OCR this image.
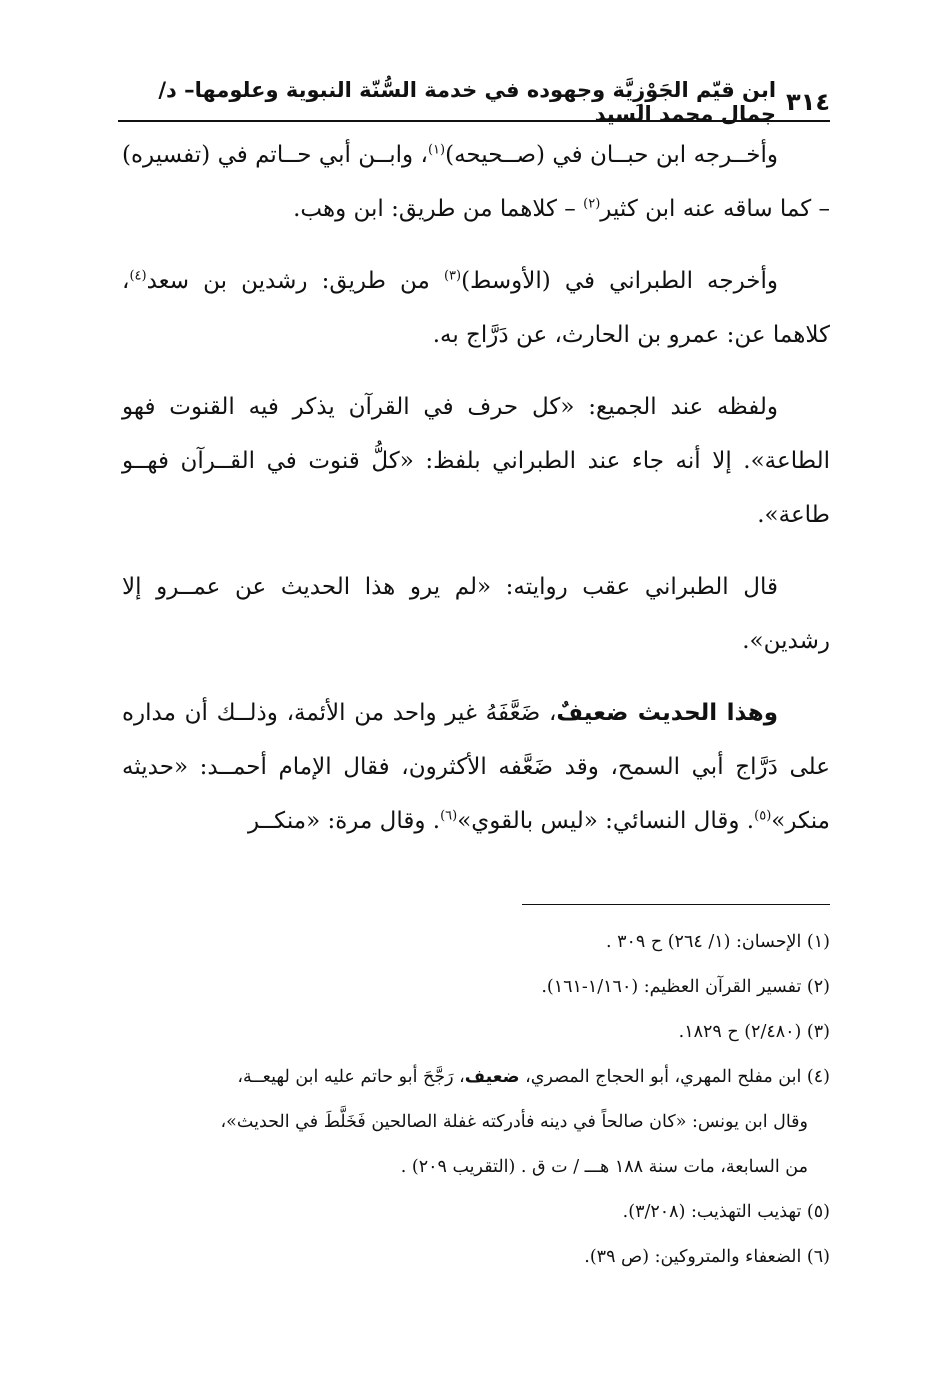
٣١٤
ابن قيّم الجَوْزِيَّة وجهوده في خدمة السُّنّة النبوية وعلومها– د/جمال محمد السيد

وأخــرجه ابن حبــان في (صــحيحه)$^{(١)}$، وابــن أبي حــاتم في (تفسيره) – كما ساقه عنه ابن كثير$^{(٢)}$ – كلاهما من طريق: ابن وهب.

وأخرجه الطبراني في (الأوسط)$^{(٣)}$ من طريق: رشدين بن سعد$^{(٤)}$، كلاهما عن: عمرو بن الحارث، عن دَرَّاج به.

ولفظه عند الجميع: «كل حرف في القرآن يذكر فيه القنوت فهو الطاعة». إلا أنه جاء عند الطبراني بلفظ: «كلُّ قنوت في القــرآن فهــو طاعة».

قال الطبراني عقب روايته: «لم يرو هذا الحديث عن عمــرو إلا رشدين».

وهذا الحديث ضعيفٌ، ضَعَّفَهُ غير واحد من الأئمة، وذلــك أن مداره على دَرَّاج أبي السمح، وقد ضَعَّفه الأكثرون، فقال الإمام أحمــد: «حديثه منكر»$^{(٥)}$. وقال النسائي: «ليس بالقوي»$^{(٦)}$. وقال مرة: «منكــر

(١) الإحسان: (١/ ٢٦٤) ح ٣٠٩ .
(٢) تفسير القرآن العظيم: (١/١٦٠-١٦١).
(٣) (٢/٤٨٠) ح ١٨٢٩.
(٤) ابن مفلح المهري، أبو الحجاج المصري، ضعيف، رَجَّحَ أبو حاتم عليه ابن لهيعــة،
وقال ابن يونس: «كان صالحاً في دينه فأدركته غفلة الصالحين فَخَلَّطَ في الحديث»،
من السابعة، مات سنة ١٨٨ هـــ / ت ق . (التقريب ٢٠٩) .
(٥) تهذيب التهذيب: (٣/٢٠٨).
(٦) الضعفاء والمتروكين: (ص ٣٩).
